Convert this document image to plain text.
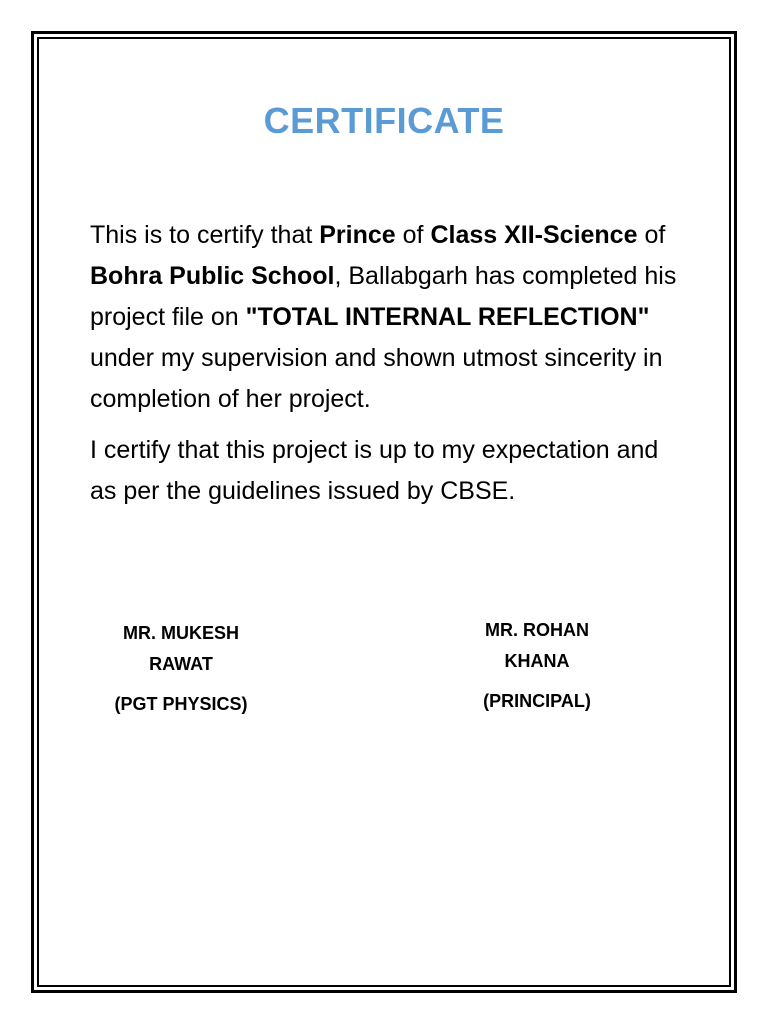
CERTIFICATE

This is to certify that Prince of Class XII-Science of Bohra Public School, Ballabgarh has completed his project file on "TOTAL INTERNAL REFLECTION" under my supervision and shown utmost sincerity in completion of her project.

I certify that this project is up to my expectation and as per the guidelines issued by CBSE.

MR. MUKESH RAWAT
(PGT PHYSICS)
MR. ROHAN KHANA
(PRINCIPAL)
